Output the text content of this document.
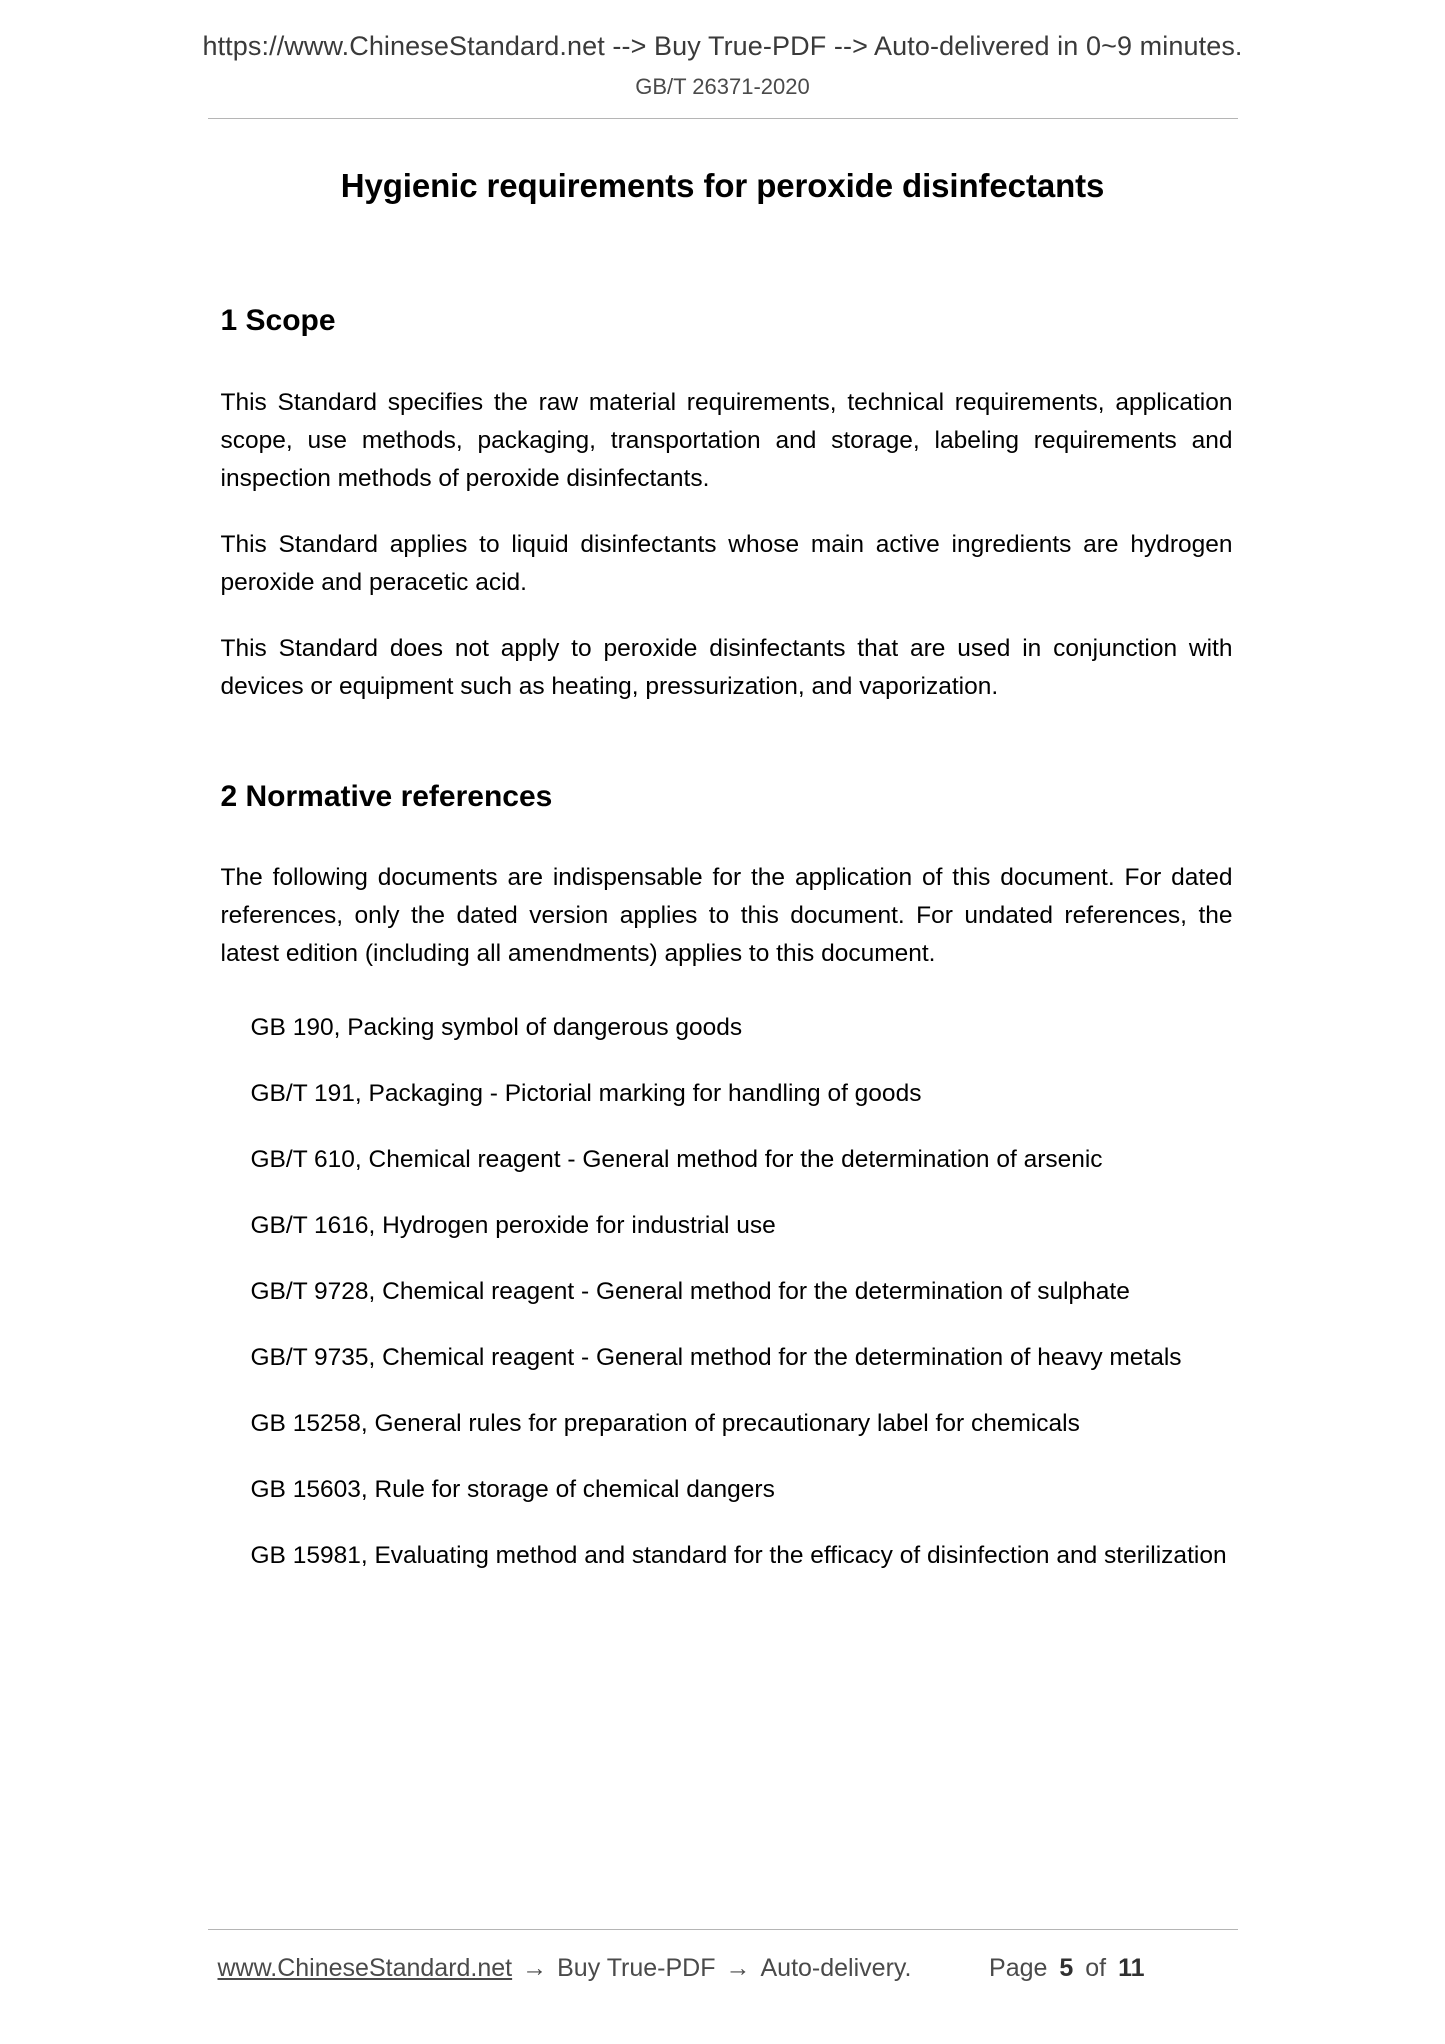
https://www.ChineseStandard.net --> Buy True-PDF --> Auto-delivered in 0~9 minutes.
GB/T 26371-2020
Hygienic requirements for peroxide disinfectants
1 Scope

This Standard specifies the raw material requirements, technical requirements, application scope, use methods, packaging, transportation and storage, labeling requirements and inspection methods of peroxide disinfectants.

This Standard applies to liquid disinfectants whose main active ingredients are hydrogen peroxide and peracetic acid.

This Standard does not apply to peroxide disinfectants that are used in conjunction with devices or equipment such as heating, pressurization, and vaporization.

2 Normative references

The following documents are indispensable for the application of this document. For dated references, only the dated version applies to this document. For undated references, the latest edition (including all amendments) applies to this document.

GB 190, Packing symbol of dangerous goods
GB/T 191, Packaging - Pictorial marking for handling of goods
GB/T 610, Chemical reagent - General method for the determination of arsenic
GB/T 1616, Hydrogen peroxide for industrial use
GB/T 9728, Chemical reagent - General method for the determination of sulphate
GB/T 9735, Chemical reagent - General method for the determination of heavy metals
GB 15258, General rules for preparation of precautionary label for chemicals
GB 15603, Rule for storage of chemical dangers
GB 15981, Evaluating method and standard for the efficacy of disinfection and sterilization
www.ChineseStandard.net → Buy True-PDF → Auto-delivery.	Page 5 of 11
